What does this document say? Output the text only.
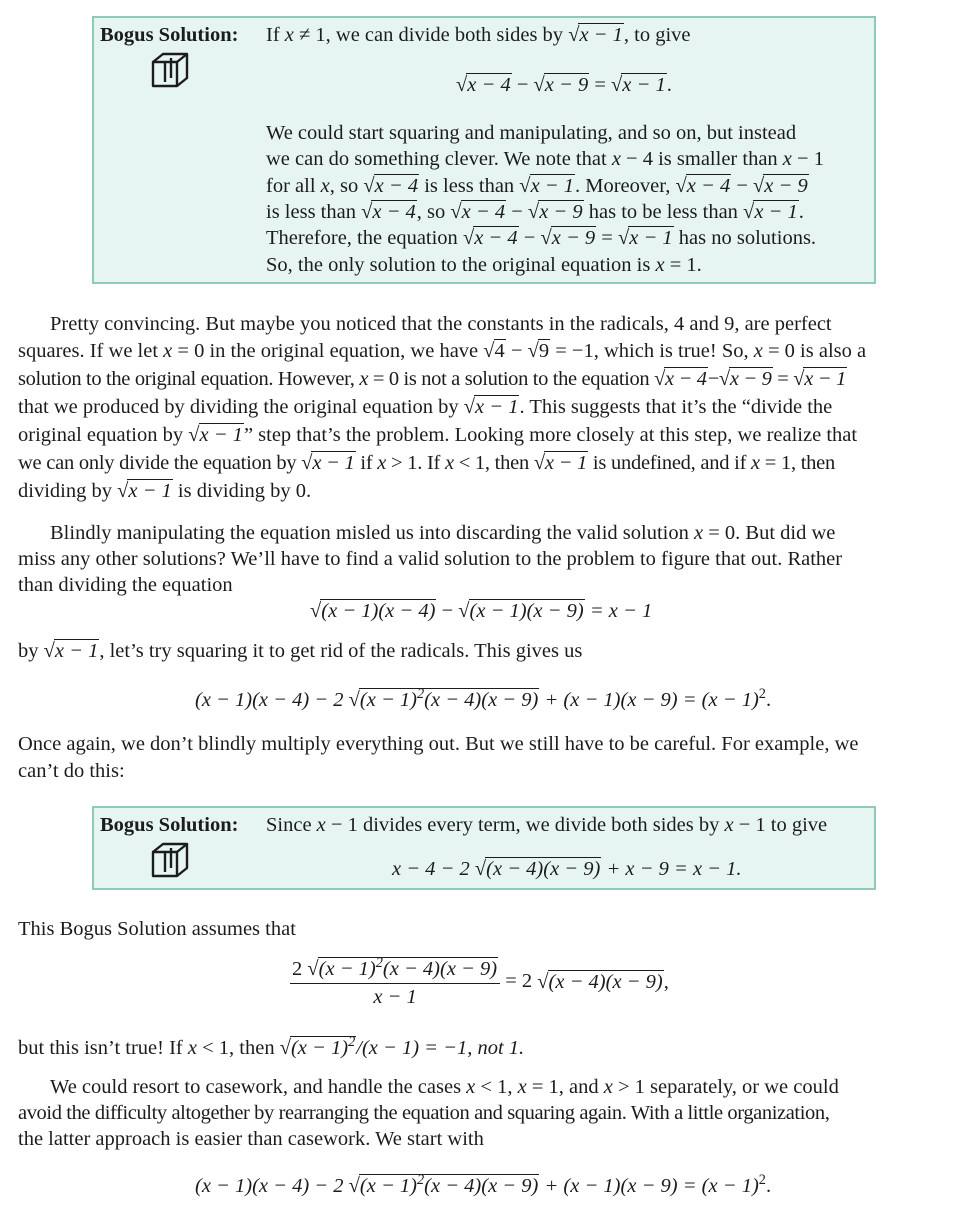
Bogus Solution: If x ≠ 1, we can divide both sides by √x − 1, to give
√x − 4 − √x − 9 = √x − 1.
We could start squaring and manipulating, and so on, but instead
we can do something clever. We note that x − 4 is smaller than x − 1
for all x, so √x − 4 is less than √x − 1. Moreover, √x − 4 − √x − 9
is less than √x − 4, so √x − 4 − √x − 9 has to be less than √x − 1.
Therefore, the equation √x − 4 − √x − 9 = √x − 1 has no solutions.
So, the only solution to the original equation is x = 1.
Pretty convincing. But maybe you noticed that the constants in the radicals, 4 and 9, are perfect
squares. If we let x = 0 in the original equation, we have √4 − √9 = −1, which is true! So, x = 0 is also a
solution to the original equation. However, x = 0 is not a solution to the equation √x − 4−√x − 9 = √x − 1
that we produced by dividing the original equation by √x − 1. This suggests that it’s the “divide the
original equation by √x − 1” step that’s the problem. Looking more closely at this step, we realize that
we can only divide the equation by √x − 1 if x > 1. If x < 1, then √x − 1 is undefined, and if x = 1, then
dividing by √x − 1 is dividing by 0.
Blindly manipulating the equation misled us into discarding the valid solution x = 0. But did we
miss any other solutions? We’ll have to find a valid solution to the problem to figure that out. Rather
than dividing the equation
√(x − 1)(x − 4) − √(x − 1)(x − 9) = x − 1
by √x − 1, let’s try squaring it to get rid of the radicals. This gives us
(x − 1)(x − 4) − 2 $√(x - 1)^2(x - 4)(x - 9) + (x - 1)(x - 9) = (x - 1)^2$.
Once again, we don’t blindly multiply everything out. But we still have to be careful. For example, we
can’t do this:
Bogus Solution: Since x − 1 divides every term, we divide both sides by x − 1 to give
x − 4 − 2 √(x − 4)(x − 9) + x − 9 = x − 1.
This Bogus Solution assumes that
$\frac{2 √(x - 1)^2(x - 4)(x - 9)}{x - 1} = 2$ √(x − 4)(x − 9),
but this isn’t true! If x < 1, then $√(x - 1)^2/(x - 1) = -1$, not 1.
We could resort to casework, and handle the cases x < 1, x = 1, and x > 1 separately, or we could
avoid the difficulty altogether by rearranging the equation and squaring again. With a little organization,
the latter approach is easier than casework. We start with
(x − 1)(x − 4) − 2 $√(x - 1)^2(x - 4)(x - 9) + (x - 1)(x - 9) = (x - 1)^2$.
